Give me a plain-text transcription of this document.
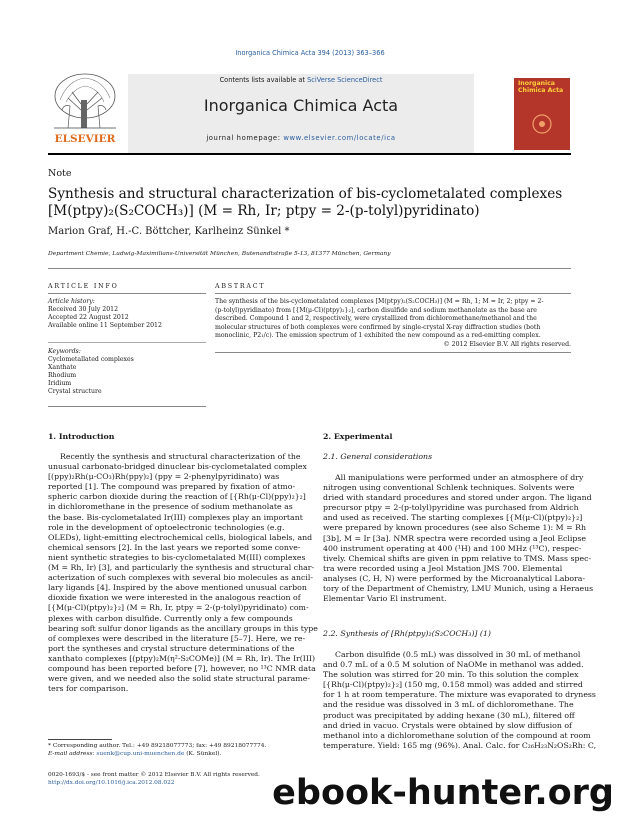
Inorganica Chimica Acta 394 (2013) 363–366
ELSEVIER
Contents lists available at SciVerse ScienceDirect
Inorganica Chimica Acta
journal homepage: www.elsevier.com/locate/ica
Inorganica Chimica Acta
Note
Synthesis and structural characterization of bis-cyclometalated complexes
[M(ptpy)₂(S₂COCH₃)] (M = Rh, Ir; ptpy = 2-(p-tolyl)pyridinato)
Marion Graf, H.-C. Böttcher, Karlheinz Sünkel *
Department Chemie, Ludwig-Maximilians-Universität München, Butenandtstraße 5-13, 81377 München, Germany
ARTICLE INFO	ABSTRACT
Article history:
Received 30 July 2012
Accepted 22 August 2012
Available online 11 September 2012
Keywords:
Cyclometallated complexes
Xanthate
Rhodium
Iridium
Crystal structure
The synthesis of the bis-cyclometalated complexes [M(ptpy)₂(S₂COCH₃)] (M = Rh, 1; M = Ir, 2; ptpy = 2-
(p-tolyl)pyridinato) from [{M(μ-Cl)(ptpy)₂}₂], carbon disulfide and sodium methanolate as the base are
described. Compound 1 and 2, respectively, were crystallized from dichloromethane/methanol and the
molecular structures of both complexes were confirmed by single-crystal X-ray diffraction studies (both
monoclinic, P2₁/c). The emission spectrum of 1 exhibited the new compound as a red-emitting complex.
© 2012 Elsevier B.V. All rights reserved.
1. Introduction
Recently the synthesis and structural characterization of the
unusual carbonato-bridged dinuclear bis-cyclometalated complex
[(ppy)₂Rh(μ-CO₃)Rh(ppy)₂] (ppy = 2-phenylpyridinato) was
reported [1]. The compound was prepared by fixation of atmo-
spheric carbon dioxide during the reaction of [{Rh(μ-Cl)(ppy)₂}₂]
in dichloromethane in the presence of sodium methanolate as
the base. Bis-cyclometalated Ir(III) complexes play an important
role in the development of optoelectronic technologies (e.g.
OLEDs), light-emitting electrochemical cells, biological labels, and
chemical sensors [2]. In the last years we reported some conve-
nient synthetic strategies to bis-cyclometalated M(III) complexes
(M = Rh, Ir) [3], and particularly the synthesis and structural char-
acterization of such complexes with several bio molecules as ancil-
lary ligands [4]. Inspired by the above mentioned unusual carbon
dioxide fixation we were interested in the analogous reaction of
[{M(μ-Cl)(ptpy)₂}₂] (M = Rh, Ir, ptpy = 2-(p-tolyl)pyridinato) com-
plexes with carbon disulfide. Currently only a few compounds
bearing soft sulfur donor ligands as the ancillary groups in this type
of complexes were described in the literature [5–7]. Here, we re-
port the syntheses and crystal structure determinations of the
xanthato complexes [(ptpy)₂M(η²-S₂COMe)] (M = Rh, Ir). The Ir(III)
compound has been reported before [7], however, no ¹³C NMR data
were given, and we needed also the solid state structural parame-
ters for comparison.
2. Experimental
2.1. General considerations
All manipulations were performed under an atmosphere of dry
nitrogen using conventional Schlenk techniques. Solvents were
dried with standard procedures and stored under argon. The ligand
precursor ptpy = 2-(p-tolyl)pyridine was purchased from Aldrich
and used as received. The starting complexes [{M(μ-Cl)(ptpy)₂}₂]
were prepared by known procedures (see also Scheme 1): M = Rh
[3b], M = Ir [3a]. NMR spectra were recorded using a Jeol Eclipse
400 instrument operating at 400 (¹H) and 100 MHz (¹³C), respec-
tively. Chemical shifts are given in ppm relative to TMS. Mass spec-
tra were recorded using a Jeol Mstation JMS 700. Elemental
analyses (C, H, N) were performed by the Microanalytical Labora-
tory of the Department of Chemistry, LMU Munich, using a Heraeus
Elementar Vario El instrument.
2.2. Synthesis of [Rh(ptpy)₂(S₂COCH₃)] (1)
Carbon disulfide (0.5 mL) was dissolved in 30 mL of methanol
and 0.7 mL of a 0.5 M solution of NaOMe in methanol was added.
The solution was stirred for 20 min. To this solution the complex
[{Rh(μ-Cl)(ptpy)₂}₂] (150 mg, 0.158 mmol) was added and stirred
for 1 h at room temperature. The mixture was evaporated to dryness
and the residue was dissolved in 3 mL of dichloromethane. The
product was precipitated by adding hexane (30 mL), filtered off
and dried in vacuo. Crystals were obtained by slow diffusion of
methanol into a dichloromethane solution of the compound at room
temperature. Yield: 165 mg (96%). Anal. Calc. for C₂₆H₂₃N₂OS₂Rh: C,
* Corresponding author. Tel.: +49 89218077773; fax: +49 89218077774.
E-mail address: suenk@cup.uni-muenchen.de (K. Sünkel).
0020-1693/$ - see front matter © 2012 Elsevier B.V. All rights reserved.
http://dx.doi.org/10.1016/j.ica.2012.08.022	ebook-hunter.org
